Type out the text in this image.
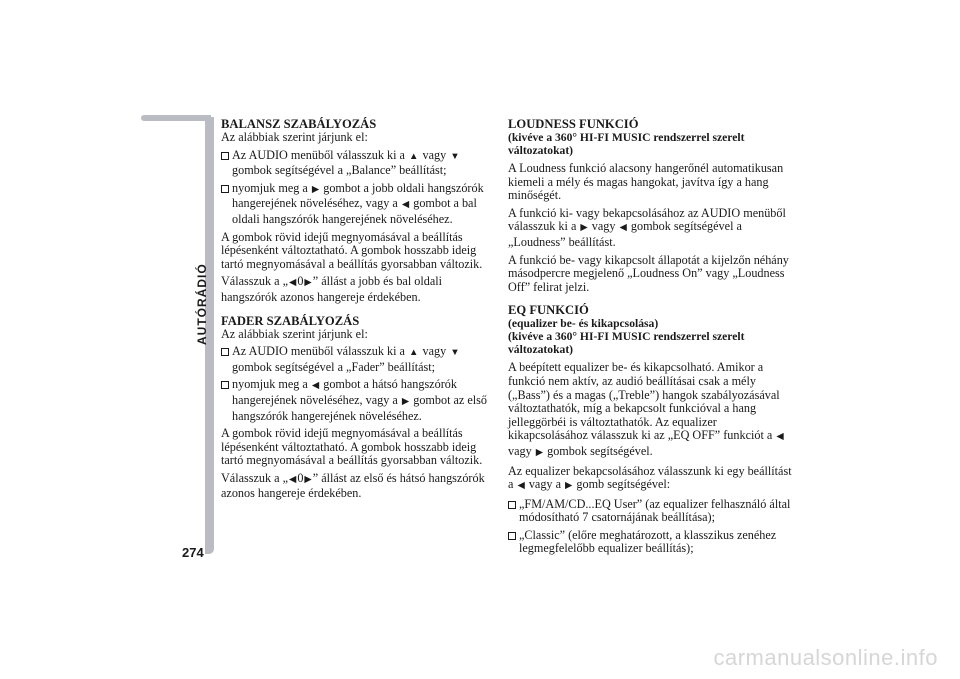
AUTÓRÁDIÓ
274
BALANSZ SZABÁLYOZÁS

Az alábbiak szerint járjunk el:

Az AUDIO menüből válasszuk ki a ▲ vagy ▼ gombok segítségével a „Balance” beállítást;
nyomjuk meg a ▶ gombot a jobb oldali hangszórók hangerejének növeléséhez, vagy a ◀ gombot a bal oldali hangszórók hangerejének növeléséhez.

A gombok rövid idejű megnyomásával a beállítás lépésenként változtatható. A gombok hosszabb ideig tartó megnyomásával a beállítás gyorsabban változik.

Válasszuk a „◀0▶” állást a jobb és bal oldali hangszórók azonos hangereje érdekében.

FADER SZABÁLYOZÁS

Az alábbiak szerint járjunk el:

Az AUDIO menüből válasszuk ki a ▲ vagy ▼ gombok segítségével a „Fader” beállítást;
nyomjuk meg a ◀ gombot a hátsó hangszórók hangerejének növeléséhez, vagy a ▶ gombot az első hangszórók hangerejének növeléséhez.

A gombok rövid idejű megnyomásával a beállítás lépésenként változtatható. A gombok hosszabb ideig tartó megnyomásával a beállítás gyorsabban változik.

Válasszuk a „◀0▶” állást az első és hátsó hangszórók azonos hangereje érdekében.

LOUDNESS FUNKCIÓ
(kivéve a 360° HI-FI MUSIC rendszerrel szerelt változatokat)

A Loudness funkció alacsony hangerőnél automatikusan kiemeli a mély és magas hangokat, javítva így a hang minőségét.

A funkció ki- vagy bekapcsolásához az AUDIO menüből válasszuk ki a ▶ vagy ◀ gombok segítségével a „Loudness” beállítást.

A funkció be- vagy kikapcsolt állapotát a kijelzőn néhány másodpercre megjelenő „Loudness On” vagy „Loudness Off” felirat jelzi.

EQ FUNKCIÓ
(equalizer be- és kikapcsolása)
(kivéve a 360° HI-FI MUSIC rendszerrel szerelt változatokat)

A beépített equalizer be- és kikapcsolható. Amikor a funkció nem aktív, az audió beállításai csak a mély („Bass”) és a magas („Treble”) hangok szabályozásával változtathatók, míg a bekapcsolt funkcióval a hang jelleggörbéi is változtathatók. Az equalizer kikapcsolásához válasszuk ki az „EQ OFF” funkciót a ◀ vagy ▶ gombok segítségével.

Az equalizer bekapcsolásához válasszunk ki egy beállítást a ◀ vagy a ▶ gomb segítségével:

„FM/AM/CD...EQ User” (az equalizer felhasználó által módosítható 7 csatornájának beállítása);
„Classic” (előre meghatározott, a klasszikus zenéhez legmegfelelőbb equalizer beállítás);
carmanualsonline.info
